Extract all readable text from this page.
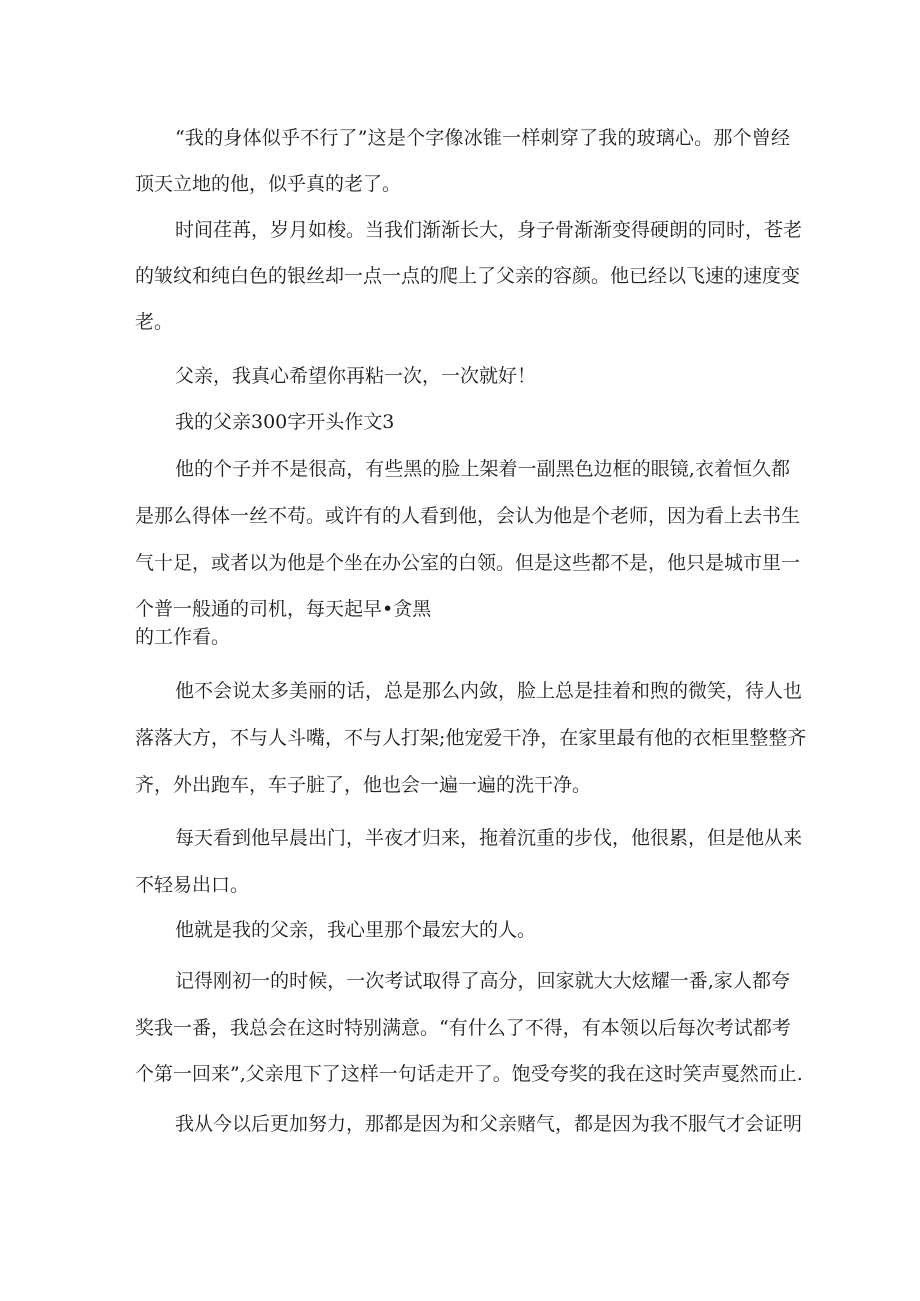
“我的身体似乎不行了”这是个字像冰锥一样刺穿了我的玻璃心。那个曾经
顶天立地的他，似乎真的老了。
时间荏苒，岁月如梭。当我们渐渐长大，身子骨渐渐变得硬朗的同时，苍老
的皱纹和纯白色的银丝却一点一点的爬上了父亲的容颜。他已经以飞速的速度变
老。
父亲，我真心希望你再粘一次，一次就好！
我的父亲300字开头作文3
他的个子并不是很高，有些黑的脸上架着一副黑色边框的眼镜,衣着恒久都
是那么得体一丝不苟。或许有的人看到他，会认为他是个老师，因为看上去书生
气十足，或者以为他是个坐在办公室的白领。但是这些都不是，他只是城市里一
个普一般通的司机，每天起早•贪黑
的工作看。
他不会说太多美丽的话，总是那么内敛，脸上总是挂着和煦的微笑，待人也
落落大方，不与人斗嘴，不与人打架;他宠爱干净，在家里最有他的衣柜里整整齐
齐，外出跑车，车子脏了，他也会一遍一遍的洗干净。
每天看到他早晨出门，半夜才归来，拖着沉重的步伐，他很累，但是他从来
不轻易出口。
他就是我的父亲，我心里那个最宏大的人。
记得刚初一的时候，一次考试取得了高分，回家就大大炫耀一番,家人都夸
奖我一番，我总会在这时特别满意。“有什么了不得，有本领以后每次考试都考
个第一回来”,父亲甩下了这样一句话走开了。饱受夸奖的我在这时笑声戛然而止.
我从今以后更加努力，那都是因为和父亲赌气，都是因为我不服气才会证明
